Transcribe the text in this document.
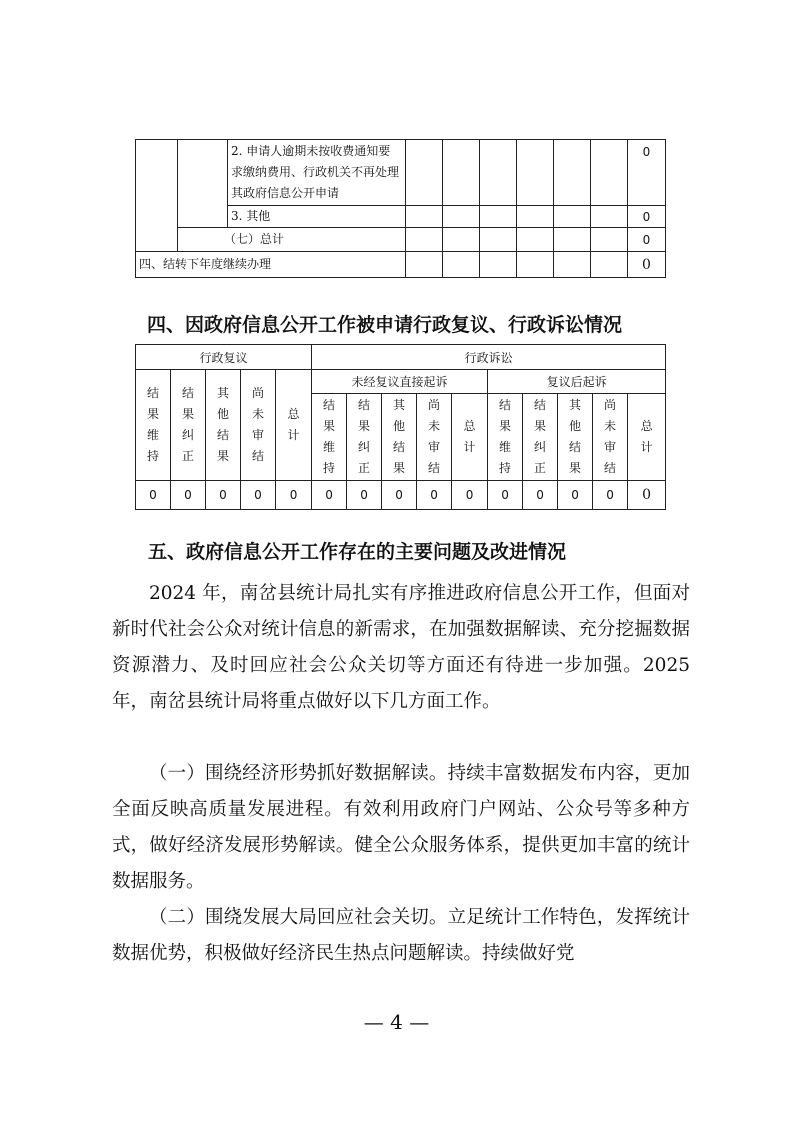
		2. 申请人逾期未按收费通知要求缴纳费用、行政机关不再处理其政府信息公开申请							0
		3. 其他							0
	（七）总计								0
四、结转下年度继续办理									0
四、因政府信息公开工作被申请行政复议、行政诉讼情况
行政复议					行政诉讼									
结果维持	结果纠正	其他结果	尚未审结	总计	未经复议直接起诉					复议后起诉				
					结果维持	结果纠正	其他结果	尚未审结	总计	结果维持	结果纠正	其他结果	尚未审结	总计
0	0	0	0	0	0	0	0	0	0	0	0	0	0	0
五、政府信息公开工作存在的主要问题及改进情况

2024 年，南岔县统计局扎实有序推进政府信息公开工作，但面对新时代社会公众对统计信息的新需求，在加强数据解读、充分挖掘数据资源潜力、及时回应社会公众关切等方面还有待进一步加强。2025 年，南岔县统计局将重点做好以下几方面工作。

（一）围绕经济形势抓好数据解读。持续丰富数据发布内容，更加全面反映高质量发展进程。有效利用政府门户网站、公众号等多种方式，做好经济发展形势解读。健全公众服务体系，提供更加丰富的统计数据服务。

（二）围绕发展大局回应社会关切。立足统计工作特色，发挥统计数据优势，积极做好经济民生热点问题解读。持续做好党

— 4 —
